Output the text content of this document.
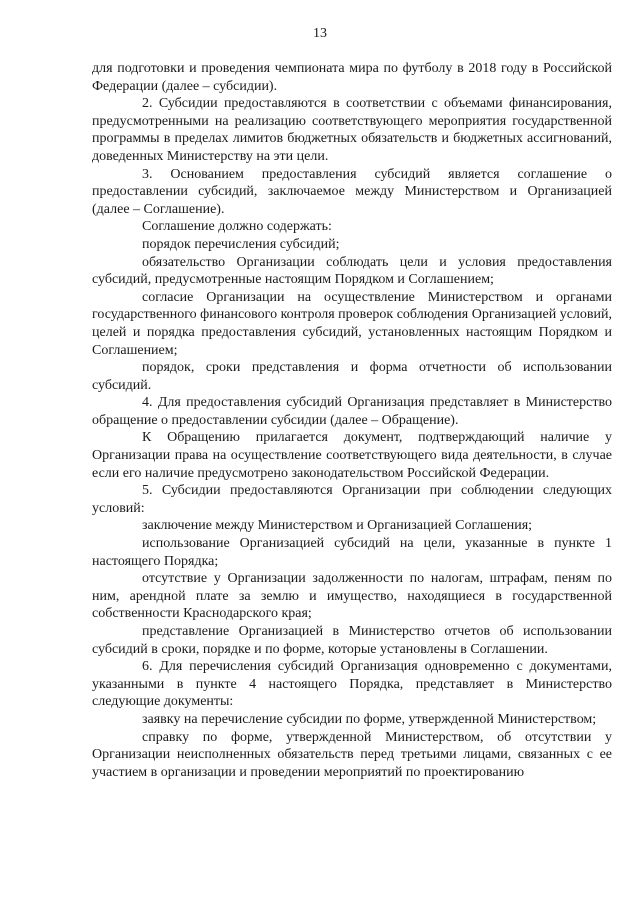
13

для подготовки и проведения чемпионата мира по футболу в 2018 году в Российской Федерации (далее – субсидии).

2. Субсидии предоставляются в соответствии с объемами финансирования, предусмотренными на реализацию соответствующего мероприятия государственной программы в пределах лимитов бюджетных обязательств и бюджетных ассигнований, доведенных Министерству на эти цели.

3. Основанием предоставления субсидий является соглашение о предоставлении субсидий, заключаемое между Министерством и Организацией (далее – Соглашение).

Соглашение должно содержать:

порядок перечисления субсидий;

обязательство Организации соблюдать цели и условия предоставления субсидий, предусмотренные настоящим Порядком и Соглашением;

согласие Организации на осуществление Министерством и органами государственного финансового контроля проверок соблюдения Организацией условий, целей и порядка предоставления субсидий, установленных настоящим Порядком и Соглашением;

порядок, сроки представления и форма отчетности об использовании субсидий.

4. Для предоставления субсидий Организация представляет в Министерство обращение о предоставлении субсидии (далее – Обращение).

К Обращению прилагается документ, подтверждающий наличие у Организации права на осуществление соответствующего вида деятельности, в случае если его наличие предусмотрено законодательством Российской Федерации.

5. Субсидии предоставляются Организации при соблюдении следующих условий:

заключение между Министерством и Организацией Соглашения;

использование Организацией субсидий на цели, указанные в пункте 1 настоящего Порядка;

отсутствие у Организации задолженности по налогам, штрафам, пеням по ним, арендной плате за землю и имущество, находящиеся в государственной собственности Краснодарского края;

представление Организацией в Министерство отчетов об использовании субсидий в сроки, порядке и по форме, которые установлены в Соглашении.

6. Для перечисления субсидий Организация одновременно с документами, указанными в пункте 4 настоящего Порядка, представляет в Министерство следующие документы:

заявку на перечисление субсидии по форме, утвержденной Министерством;

справку по форме, утвержденной Министерством, об отсутствии у Организации неисполненных обязательств перед третьими лицами, связанных с ее участием в организации и проведении мероприятий по проектированию
